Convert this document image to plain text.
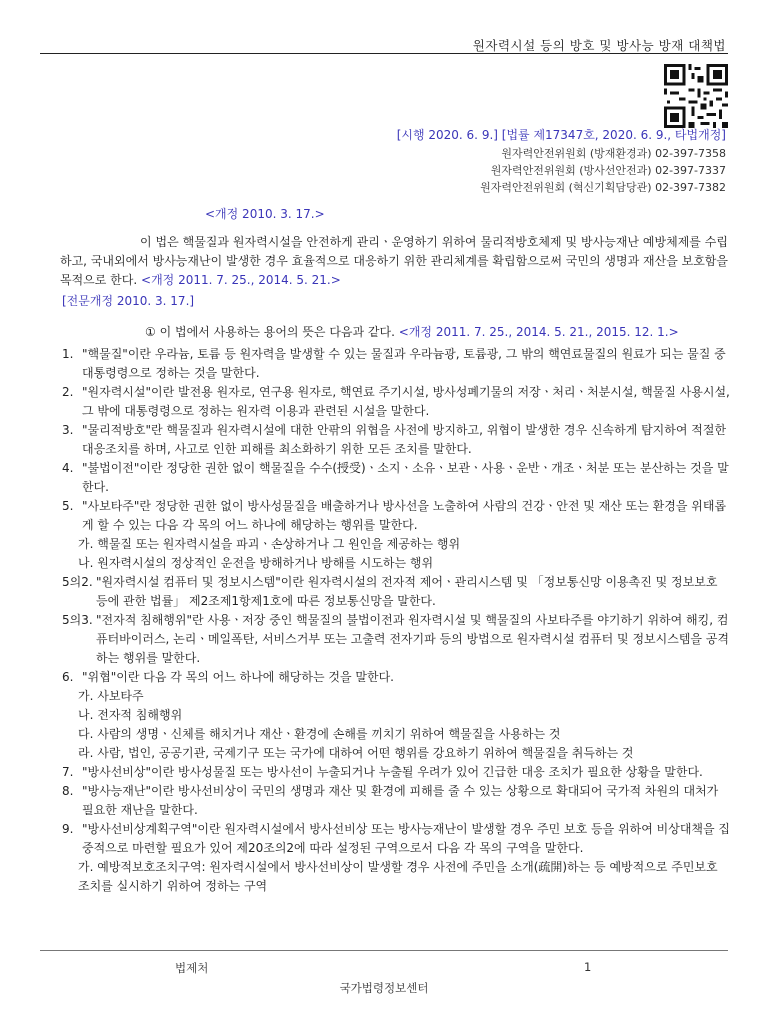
원자력시설 등의 방호 및 방사능 방재 대책법
[시행 2020. 6. 9.] [법률 제17347호, 2020. 6. 9., 타법개정]
원자력안전위원회 (방재환경과) 02-397-7358
원자력안전위원회 (방사선안전과) 02-397-7337
원자력안전위원회 (혁신기획담당관) 02-397-7382
<개정 2010. 3. 17.>
이 법은 핵물질과 원자력시설을 안전하게 관리ㆍ운영하기 위하여 물리적방호체제 및 방사능재난 예방체제를 수립하고, 국내외에서 방사능재난이 발생한 경우 효율적으로 대응하기 위한 관리체계를 확립함으로써 국민의 생명과 재산을 보호함을 목적으로 한다. <개정 2011. 7. 25., 2014. 5. 21.>
[전문개정 2010. 3. 17.]
① 이 법에서 사용하는 용어의 뜻은 다음과 같다. <개정 2011. 7. 25., 2014. 5. 21., 2015. 12. 1.>

1. "핵물질"이란 우라늄, 토륨 등 원자력을 발생할 수 있는 물질과 우라늄광, 토륨광, 그 밖의 핵연료물질의 원료가 되는 물질 중 대통령령으로 정하는 것을 말한다.

2. "원자력시설"이란 발전용 원자로, 연구용 원자로, 핵연료 주기시설, 방사성폐기물의 저장ㆍ처리ㆍ처분시설, 핵물질 사용시설, 그 밖에 대통령령으로 정하는 원자력 이용과 관련된 시설을 말한다.

3. "물리적방호"란 핵물질과 원자력시설에 대한 안팎의 위협을 사전에 방지하고, 위협이 발생한 경우 신속하게 탐지하여 적절한 대응조치를 하며, 사고로 인한 피해를 최소화하기 위한 모든 조치를 말한다.

4. "불법이전"이란 정당한 권한 없이 핵물질을 수수(授受)ㆍ소지ㆍ소유ㆍ보관ㆍ사용ㆍ운반ㆍ개조ㆍ처분 또는 분산하는 것을 말한다.

5. "사보타주"란 정당한 권한 없이 방사성물질을 배출하거나 방사선을 노출하여 사람의 건강ㆍ안전 및 재산 또는 환경을 위태롭게 할 수 있는 다음 각 목의 어느 하나에 해당하는 행위를 말한다.

가. 핵물질 또는 원자력시설을 파괴ㆍ손상하거나 그 원인을 제공하는 행위

나. 원자력시설의 정상적인 운전을 방해하거나 방해를 시도하는 행위

5의2. "원자력시설 컴퓨터 및 정보시스템"이란 원자력시설의 전자적 제어ㆍ관리시스템 및 「정보통신망 이용촉진 및 정보보호 등에 관한 법률」 제2조제1항제1호에 따른 정보통신망을 말한다.

5의3. "전자적 침해행위"란 사용ㆍ저장 중인 핵물질의 불법이전과 원자력시설 및 핵물질의 사보타주를 야기하기 위하여 해킹, 컴퓨터바이러스, 논리ㆍ메일폭탄, 서비스거부 또는 고출력 전자기파 등의 방법으로 원자력시설 컴퓨터 및 정보시스템을 공격하는 행위를 말한다.

6. "위협"이란 다음 각 목의 어느 하나에 해당하는 것을 말한다.

가. 사보타주

나. 전자적 침해행위

다. 사람의 생명ㆍ신체를 해치거나 재산ㆍ환경에 손해를 끼치기 위하여 핵물질을 사용하는 것

라. 사람, 법인, 공공기관, 국제기구 또는 국가에 대하여 어떤 행위를 강요하기 위하여 핵물질을 취득하는 것

7. "방사선비상"이란 방사성물질 또는 방사선이 누출되거나 누출될 우려가 있어 긴급한 대응 조치가 필요한 상황을 말한다.

8. "방사능재난"이란 방사선비상이 국민의 생명과 재산 및 환경에 피해를 줄 수 있는 상황으로 확대되어 국가적 차원의 대처가 필요한 재난을 말한다.

9. "방사선비상계획구역"이란 원자력시설에서 방사선비상 또는 방사능재난이 발생할 경우 주민 보호 등을 위하여 비상대책을 집중적으로 마련할 필요가 있어 제20조의2에 따라 설정된 구역으로서 다음 각 목의 구역을 말한다.

가. 예방적보호조치구역: 원자력시설에서 방사선비상이 발생할 경우 사전에 주민을 소개(疏開)하는 등 예방적으로 주민보호 조치를 실시하기 위하여 정하는 구역

법제처	1
국가법령정보센터
